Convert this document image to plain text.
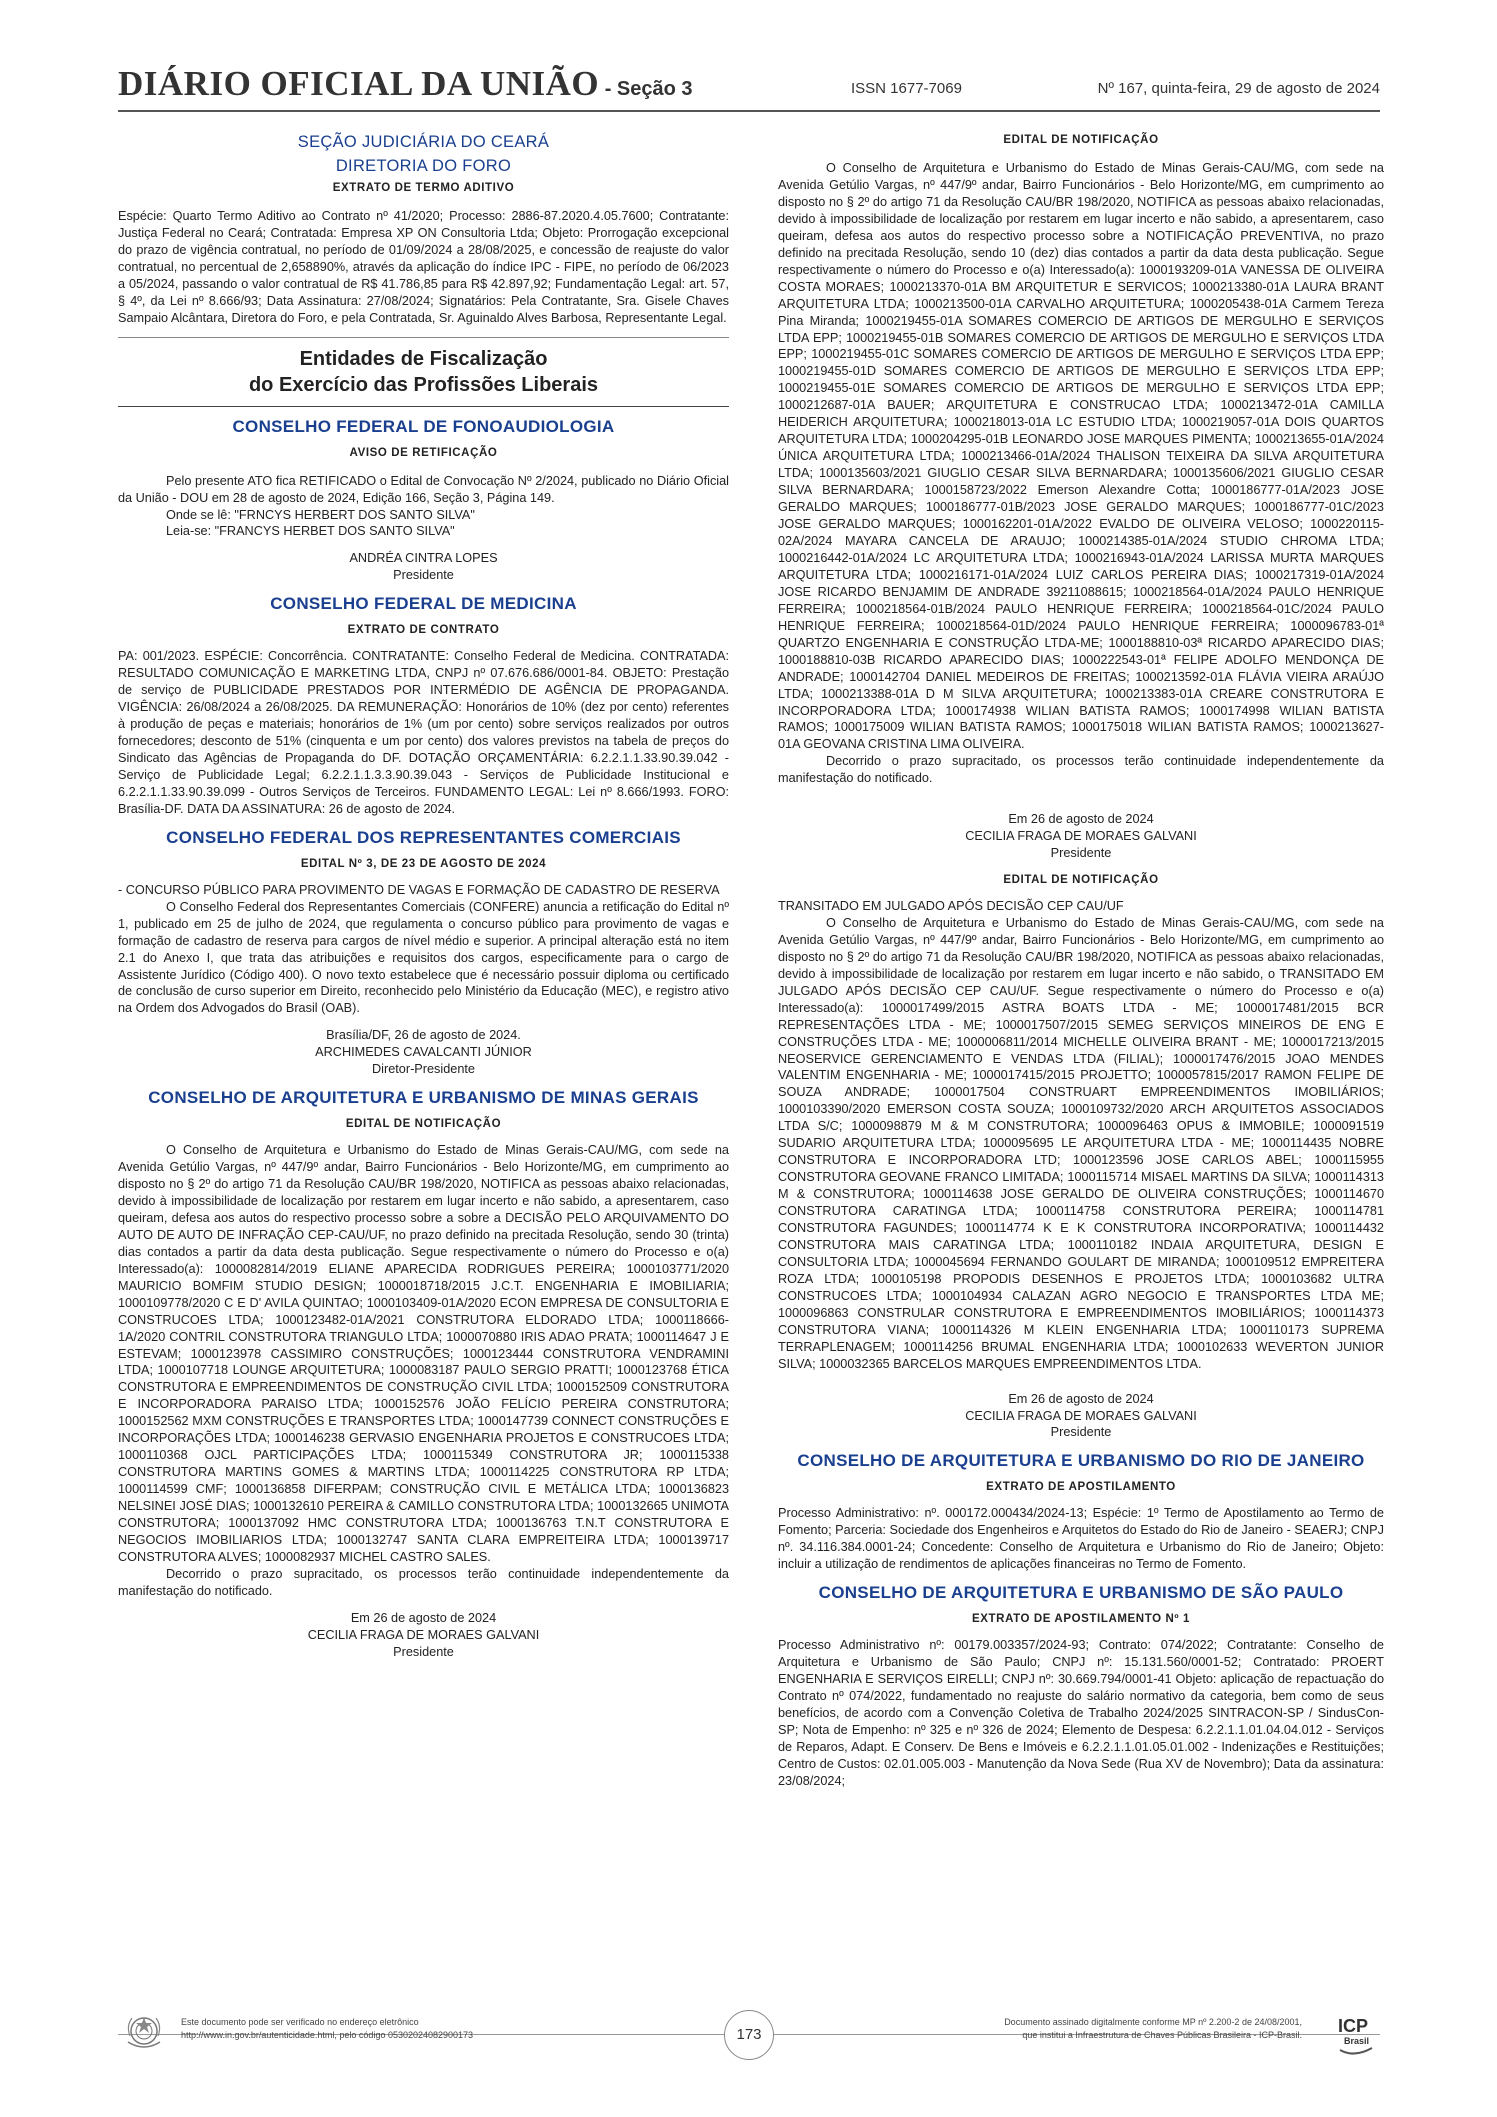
DIÁRIO OFICIAL DA UNIÃO - Seção 3	ISSN 1677-7069	Nº 167, quinta-feira, 29 de agosto de 2024

SEÇÃO JUDICIÁRIA DO CEARÁ

DIRETORIA DO FORO

EXTRATO DE TERMO ADITIVO

Espécie: Quarto Termo Aditivo ao Contrato nº 41/2020; Processo: 2886-87.2020.4.05.7600; Contratante: Justiça Federal no Ceará; Contratada: Empresa XP ON Consultoria Ltda; Objeto: Prorrogação excepcional do prazo de vigência contratual, no período de 01/09/2024 a 28/08/2025, e concessão de reajuste do valor contratual, no percentual de 2,658890%, através da aplicação do índice IPC - FIPE, no período de 06/2023 a 05/2024, passando o valor contratual de R$ 41.786,85 para R$ 42.897,92; Fundamentação Legal: art. 57, § 4º, da Lei nº 8.666/93; Data Assinatura: 27/08/2024; Signatários: Pela Contratante, Sra. Gisele Chaves Sampaio Alcântara, Diretora do Foro, e pela Contratada, Sr. Aguinaldo Alves Barbosa, Representante Legal.

Entidades de Fiscalização

do Exercício das Profissões Liberais

CONSELHO FEDERAL DE FONOAUDIOLOGIA

AVISO DE RETIFICAÇÃO

Pelo presente ATO fica RETIFICADO o Edital de Convocação Nº 2/2024, publicado no Diário Oficial da União - DOU em 28 de agosto de 2024, Edição 166, Seção 3, Página 149.

Onde se lê: "FRNCYS HERBERT DOS SANTO SILVA"

Leia-se: "FRANCYS HERBET DOS SANTO SILVA"

ANDRÉA CINTRA LOPES

Presidente

CONSELHO FEDERAL DE MEDICINA

EXTRATO DE CONTRATO

PA: 001/2023. ESPÉCIE: Concorrência. CONTRATANTE: Conselho Federal de Medicina. CONTRATADA: RESULTADO COMUNICAÇÃO E MARKETING LTDA, CNPJ nº 07.676.686/0001-84. OBJETO: Prestação de serviço de PUBLICIDADE PRESTADOS POR INTERMÉDIO DE AGÊNCIA DE PROPAGANDA. VIGÊNCIA: 26/08/2024 a 26/08/2025. DA REMUNERAÇÃO: Honorários de 10% (dez por cento) referentes à produção de peças e materiais; honorários de 1% (um por cento) sobre serviços realizados por outros fornecedores; desconto de 51% (cinquenta e um por cento) dos valores previstos na tabela de preços do Sindicato das Agências de Propaganda do DF. DOTAÇÃO ORÇAMENTÁRIA: 6.2.2.1.1.33.90.39.042 - Serviço de Publicidade Legal; 6.2.2.1.1.3.3.90.39.043 - Serviços de Publicidade Institucional e 6.2.2.1.1.33.90.39.099 - Outros Serviços de Terceiros. FUNDAMENTO LEGAL: Lei nº 8.666/1993. FORO: Brasília-DF. DATA DA ASSINATURA: 26 de agosto de 2024.

CONSELHO FEDERAL DOS REPRESENTANTES COMERCIAIS

EDITAL Nº 3, DE 23 DE AGOSTO DE 2024

- CONCURSO PÚBLICO PARA PROVIMENTO DE VAGAS E FORMAÇÃO DE CADASTRO DE RESERVA

O Conselho Federal dos Representantes Comerciais (CONFERE) anuncia a retificação do Edital nº 1, publicado em 25 de julho de 2024, que regulamenta o concurso público para provimento de vagas e formação de cadastro de reserva para cargos de nível médio e superior. A principal alteração está no item 2.1 do Anexo I, que trata das atribuições e requisitos dos cargos, especificamente para o cargo de Assistente Jurídico (Código 400). O novo texto estabelece que é necessário possuir diploma ou certificado de conclusão de curso superior em Direito, reconhecido pelo Ministério da Educação (MEC), e registro ativo na Ordem dos Advogados do Brasil (OAB).

Brasília/DF, 26 de agosto de 2024.

ARCHIMEDES CAVALCANTI JÚNIOR

Diretor-Presidente

CONSELHO DE ARQUITETURA E URBANISMO DE MINAS GERAIS

EDITAL DE NOTIFICAÇÃO

O Conselho de Arquitetura e Urbanismo do Estado de Minas Gerais-CAU/MG, com sede na Avenida Getúlio Vargas, nº 447/9º andar, Bairro Funcionários - Belo Horizonte/MG, em cumprimento ao disposto no § 2º do artigo 71 da Resolução CAU/BR 198/2020, NOTIFICA as pessoas abaixo relacionadas, devido à impossibilidade de localização por restarem em lugar incerto e não sabido, a apresentarem, caso queiram, defesa aos autos do respectivo processo sobre a sobre a DECISÃO PELO ARQUIVAMENTO DO AUTO DE AUTO DE INFRAÇÃO CEP-CAU/UF, no prazo definido na precitada Resolução, sendo 30 (trinta) dias contados a partir da data desta publicação. Segue respectivamente o número do Processo e o(a) Interessado(a): 1000082814/2019 ELIANE APARECIDA RODRIGUES PEREIRA; 1000103771/2020 MAURICIO BOMFIM STUDIO DESIGN; 1000018718/2015 J.C.T. ENGENHARIA E IMOBILIARIA; 1000109778/2020 C E D' AVILA QUINTAO; 1000103409-01A/2020 ECON EMPRESA DE CONSULTORIA E CONSTRUCOES LTDA; 1000123482-01A/2021 CONSTRUTORA ELDORADO LTDA; 1000118666- 1A/2020 CONTRIL CONSTRUTORA TRIANGULO LTDA; 1000070880 IRIS ADAO PRATA; 1000114647 J E ESTEVAM; 1000123978 CASSIMIRO CONSTRUÇÕES; 1000123444 CONSTRUTORA VENDRAMINI LTDA; 1000107718 LOUNGE ARQUITETURA; 1000083187 PAULO SERGIO PRATTI; 1000123768 ÉTICA CONSTRUTORA E EMPREENDIMENTOS DE CONSTRUÇÃO CIVIL LTDA; 1000152509 CONSTRUTORA E INCORPORADORA PARAISO LTDA; 1000152576 JOÃO FELÍCIO PEREIRA CONSTRUTORA; 1000152562 MXM CONSTRUÇÕES E TRANSPORTES LTDA; 1000147739 CONNECT CONSTRUÇÕES E INCORPORAÇÕES LTDA; 1000146238 GERVASIO ENGENHARIA PROJETOS E CONSTRUCOES LTDA; 1000110368 OJCL PARTICIPAÇÕES LTDA; 1000115349 CONSTRUTORA JR; 1000115338 CONSTRUTORA MARTINS GOMES & MARTINS LTDA; 1000114225 CONSTRUTORA RP LTDA; 1000114599 CMF; 1000136858 DIFERPAM; CONSTRUÇÃO CIVIL E METÁLICA LTDA; 1000136823 NELSINEI JOSÉ DIAS; 1000132610 PEREIRA & CAMILLO CONSTRUTORA LTDA; 1000132665 UNIMOTA CONSTRUTORA; 1000137092 HMC CONSTRUTORA LTDA; 1000136763 T.N.T CONSTRUTORA E NEGOCIOS IMOBILIARIOS LTDA; 1000132747 SANTA CLARA EMPREITEIRA LTDA; 1000139717 CONSTRUTORA ALVES; 1000082937 MICHEL CASTRO SALES.

Decorrido o prazo supracitado, os processos terão continuidade independentemente da manifestação do notificado.

Em 26 de agosto de 2024

CECILIA FRAGA DE MORAES GALVANI

Presidente

EDITAL DE NOTIFICAÇÃO

O Conselho de Arquitetura e Urbanismo do Estado de Minas Gerais-CAU/MG, com sede na Avenida Getúlio Vargas, nº 447/9º andar, Bairro Funcionários - Belo Horizonte/MG, em cumprimento ao disposto no § 2º do artigo 71 da Resolução CAU/BR 198/2020, NOTIFICA as pessoas abaixo relacionadas, devido à impossibilidade de localização por restarem em lugar incerto e não sabido, a apresentarem, caso queiram, defesa aos autos do respectivo processo sobre a NOTIFICAÇÃO PREVENTIVA, no prazo definido na precitada Resolução, sendo 10 (dez) dias contados a partir da data desta publicação. Segue respectivamente o número do Processo e o(a) Interessado(a): 1000193209-01A VANESSA DE OLIVEIRA COSTA MORAES; 1000213370-01A BM ARQUITETUR E SERVICOS; 1000213380-01A LAURA BRANT ARQUITETURA LTDA; 1000213500-01A CARVALHO ARQUITETURA; 1000205438-01A Carmem Tereza Pina Miranda; 1000219455-01A SOMARES COMERCIO DE ARTIGOS DE MERGULHO E SERVIÇOS LTDA EPP; 1000219455-01B SOMARES COMERCIO DE ARTIGOS DE MERGULHO E SERVIÇOS LTDA EPP; 1000219455-01C SOMARES COMERCIO DE ARTIGOS DE MERGULHO E SERVIÇOS LTDA EPP; 1000219455-01D SOMARES COMERCIO DE ARTIGOS DE MERGULHO E SERVIÇOS LTDA EPP; 1000219455-01E SOMARES COMERCIO DE ARTIGOS DE MERGULHO E SERVIÇOS LTDA EPP; 1000212687-01A BAUER; ARQUITETURA E CONSTRUCAO LTDA; 1000213472-01A CAMILLA HEIDERICH ARQUITETURA; 1000218013-01A LC ESTUDIO LTDA; 1000219057-01A DOIS QUARTOS ARQUITETURA LTDA; 1000204295-01B LEONARDO JOSE MARQUES PIMENTA; 1000213655-01A/2024 ÚNICA ARQUITETURA LTDA; 1000213466-01A/2024 THALISON TEIXEIRA DA SILVA ARQUITETURA LTDA; 1000135603/2021 GIUGLIO CESAR SILVA BERNARDARA; 1000135606/2021 GIUGLIO CESAR SILVA BERNARDARA; 1000158723/2022 Emerson Alexandre Cotta; 1000186777-01A/2023 JOSE GERALDO MARQUES; 1000186777-01B/2023 JOSE GERALDO MARQUES; 1000186777-01C/2023 JOSE GERALDO MARQUES; 1000162201-01A/2022 EVALDO DE OLIVEIRA VELOSO; 1000220115-02A/2024 MAYARA CANCELA DE ARAUJO; 1000214385-01A/2024 STUDIO CHROMA LTDA; 1000216442-01A/2024 LC ARQUITETURA LTDA; 1000216943-01A/2024 LARISSA MURTA MARQUES ARQUITETURA LTDA; 1000216171-01A/2024 LUIZ CARLOS PEREIRA DIAS; 1000217319-01A/2024 JOSE RICARDO BENJAMIM DE ANDRADE 39211088615; 1000218564-01A/2024 PAULO HENRIQUE FERREIRA; 1000218564-01B/2024 PAULO HENRIQUE FERREIRA; 1000218564-01C/2024 PAULO HENRIQUE FERREIRA; 1000218564-01D/2024 PAULO HENRIQUE FERREIRA; 1000096783-01ª QUARTZO ENGENHARIA E CONSTRUÇÃO LTDA-ME; 1000188810-03ª RICARDO APARECIDO DIAS; 1000188810-03B RICARDO APARECIDO DIAS; 1000222543-01ª FELIPE ADOLFO MENDONÇA DE ANDRADE; 1000142704 DANIEL MEDEIROS DE FREITAS; 1000213592-01A FLÁVIA VIEIRA ARAÚJO LTDA; 1000213388-01A D M SILVA ARQUITETURA; 1000213383-01A CREARE CONSTRUTORA E INCORPORADORA LTDA; 1000174938 WILIAN BATISTA RAMOS; 1000174998 WILIAN BATISTA RAMOS; 1000175009 WILIAN BATISTA RAMOS; 1000175018 WILIAN BATISTA RAMOS; 1000213627-01A GEOVANA CRISTINA LIMA OLIVEIRA.

Decorrido o prazo supracitado, os processos terão continuidade independentemente da manifestação do notificado.

Em 26 de agosto de 2024

CECILIA FRAGA DE MORAES GALVANI

Presidente

EDITAL DE NOTIFICAÇÃO

TRANSITADO EM JULGADO APÓS DECISÃO CEP CAU/UF

O Conselho de Arquitetura e Urbanismo do Estado de Minas Gerais-CAU/MG, com sede na Avenida Getúlio Vargas, nº 447/9º andar, Bairro Funcionários - Belo Horizonte/MG, em cumprimento ao disposto no § 2º do artigo 71 da Resolução CAU/BR 198/2020, NOTIFICA as pessoas abaixo relacionadas, devido à impossibilidade de localização por restarem em lugar incerto e não sabido, o TRANSITADO EM JULGADO APÓS DECISÃO CEP CAU/UF. Segue respectivamente o número do Processo e o(a) Interessado(a): 1000017499/2015 ASTRA BOATS LTDA - ME; 1000017481/2015 BCR REPRESENTAÇÕES LTDA - ME; 1000017507/2015 SEMEG SERVIÇOS MINEIROS DE ENG E CONSTRUÇÕES LTDA - ME; 1000006811/2014 MICHELLE OLIVEIRA BRANT - ME; 1000017213/2015 NEOSERVICE GERENCIAMENTO E VENDAS LTDA (FILIAL); 1000017476/2015 JOAO MENDES VALENTIM ENGENHARIA - ME; 1000017415/2015 PROJETTO; 1000057815/2017 RAMON FELIPE DE SOUZA ANDRADE; 1000017504 CONSTRUART EMPREENDIMENTOS IMOBILIÁRIOS; 1000103390/2020 EMERSON COSTA SOUZA; 1000109732/2020 ARCH ARQUITETOS ASSOCIADOS LTDA S/C; 1000098879 M & M CONSTRUTORA; 1000096463 OPUS & IMMOBILE; 1000091519 SUDARIO ARQUITETURA LTDA; 1000095695 LE ARQUITETURA LTDA - ME; 1000114435 NOBRE CONSTRUTORA E INCORPORADORA LTD; 1000123596 JOSE CARLOS ABEL; 1000115955 CONSTRUTORA GEOVANE FRANCO LIMITADA; 1000115714 MISAEL MARTINS DA SILVA; 1000114313 M & CONSTRUTORA; 1000114638 JOSE GERALDO DE OLIVEIRA CONSTRUÇÕES; 1000114670 CONSTRUTORA CARATINGA LTDA; 1000114758 CONSTRUTORA PEREIRA; 1000114781 CONSTRUTORA FAGUNDES; 1000114774 K E K CONSTRUTORA INCORPORATIVA; 1000114432 CONSTRUTORA MAIS CARATINGA LTDA; 1000110182 INDAIA ARQUITETURA, DESIGN E CONSULTORIA LTDA; 1000045694 FERNANDO GOULART DE MIRANDA; 1000109512 EMPREITERA ROZA LTDA; 1000105198 PROPODIS DESENHOS E PROJETOS LTDA; 1000103682 ULTRA CONSTRUCOES LTDA; 1000104934 CALAZAN AGRO NEGOCIO E TRANSPORTES LTDA ME; 1000096863 CONSTRULAR CONSTRUTORA E EMPREENDIMENTOS IMOBILIÁRIOS; 1000114373 CONSTRUTORA VIANA; 1000114326 M KLEIN ENGENHARIA LTDA; 1000110173 SUPREMA TERRAPLENAGEM; 1000114256 BRUMAL ENGENHARIA LTDA; 1000102633 WEVERTON JUNIOR SILVA; 1000032365 BARCELOS MARQUES EMPREENDIMENTOS LTDA.

Em 26 de agosto de 2024

CECILIA FRAGA DE MORAES GALVANI

Presidente

CONSELHO DE ARQUITETURA E URBANISMO DO RIO DE JANEIRO

EXTRATO DE APOSTILAMENTO

Processo Administrativo: nº. 000172.000434/2024-13; Espécie: 1º Termo de Apostilamento ao Termo de Fomento; Parceria: Sociedade dos Engenheiros e Arquitetos do Estado do Rio de Janeiro - SEAERJ; CNPJ nº. 34.116.384.0001-24; Concedente: Conselho de Arquitetura e Urbanismo do Rio de Janeiro; Objeto: incluir a utilização de rendimentos de aplicações financeiras no Termo de Fomento.

CONSELHO DE ARQUITETURA E URBANISMO DE SÃO PAULO

EXTRATO DE APOSTILAMENTO Nº 1

Processo Administrativo nº: 00179.003357/2024-93; Contrato: 074/2022; Contratante: Conselho de Arquitetura e Urbanismo de São Paulo; CNPJ nº: 15.131.560/0001-52; Contratado: PROERT ENGENHARIA E SERVIÇOS EIRELLI; CNPJ nº: 30.669.794/0001-41 Objeto: aplicação de repactuação do Contrato nº 074/2022, fundamentado no reajuste do salário normativo da categoria, bem como de seus benefícios, de acordo com a Convenção Coletiva de Trabalho 2024/2025 SINTRACON-SP / SindusCon-SP; Nota de Empenho: nº 325 e nº 326 de 2024; Elemento de Despesa: 6.2.2.1.1.01.04.04.012 - Serviços de Reparos, Adapt. E Conserv. De Bens e Imóveis e 6.2.2.1.1.01.05.01.002 - Indenizações e Restituições; Centro de Custos: 02.01.005.003 - Manutenção da Nova Sede (Rua XV de Novembro); Data da assinatura: 23/08/2024;

Este documento pode ser verificado no endereço eletrônico
http://www.in.gov.br/autenticidade.html, pelo código 05302024082900173	173
Documento assinado digitalmente conforme MP nº 2.200-2 de 24/08/2001,
que institui a Infraestrutura de Chaves Públicas Brasileira - ICP-Brasil. ICP
Brasil
